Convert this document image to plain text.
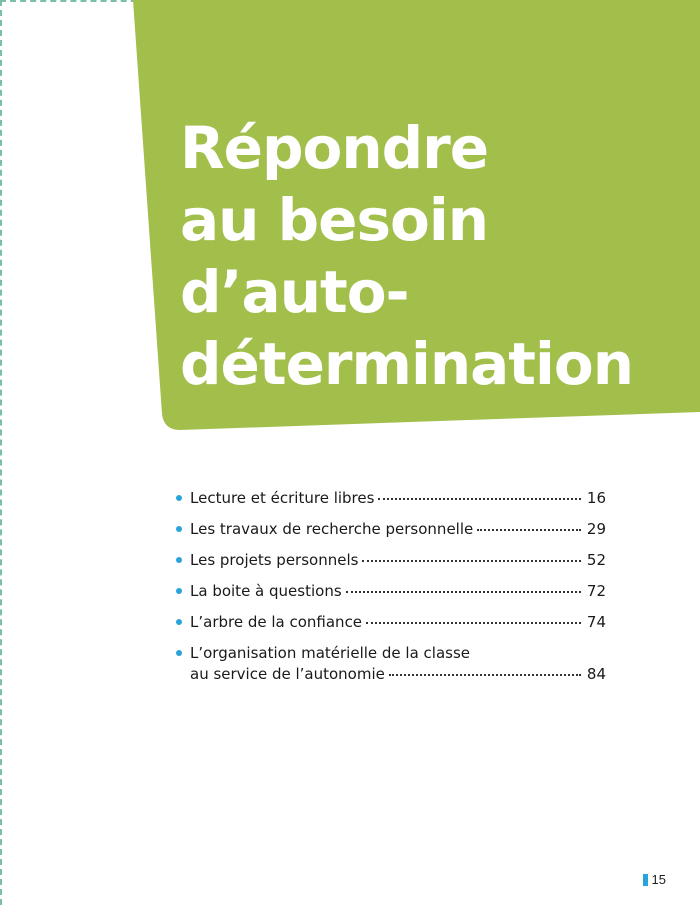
Répondre
au besoin
d’auto-
détermination
Lecture et écriture libres	16
Les travaux de recherche personnelle	29
Les projets personnels	52
La boite à questions	72
L’arbre de la confiance	74
L’organisation matérielle de la classe
au service de l’autonomie	84
15
